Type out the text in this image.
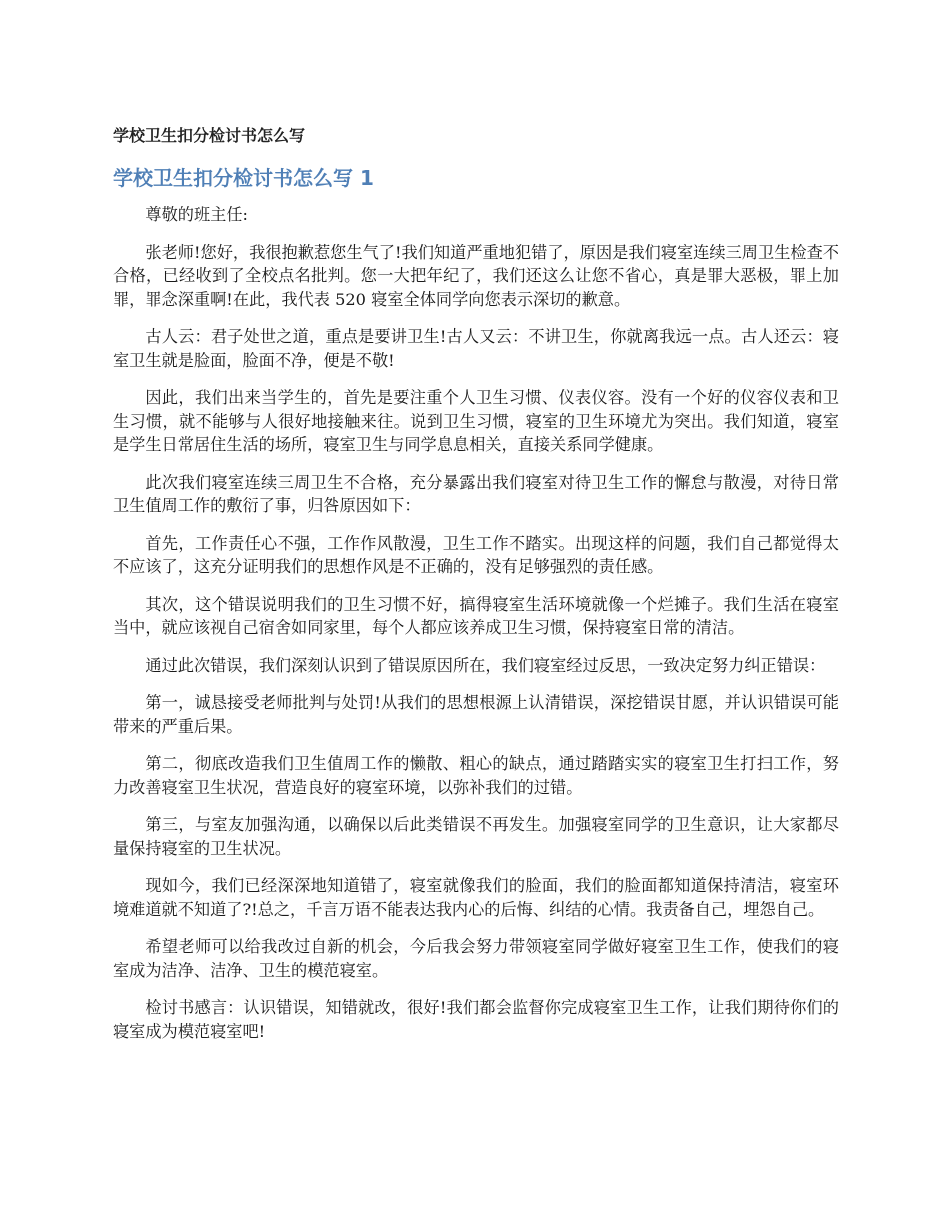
学校卫生扣分检讨书怎么写
学校卫生扣分检讨书怎么写 1

尊敬的班主任:

张老师!您好，我很抱歉惹您生气了!我们知道严重地犯错了，原因是我们寝室连续三周卫生检查不合格，已经收到了全校点名批判。您一大把年纪了，我们还这么让您不省心，真是罪大恶极，罪上加罪，罪念深重啊!在此，我代表 520 寝室全体同学向您表示深切的歉意。

古人云：君子处世之道，重点是要讲卫生!古人又云：不讲卫生，你就离我远一点。古人还云：寝室卫生就是脸面，脸面不净，便是不敬!

因此，我们出来当学生的，首先是要注重个人卫生习惯、仪表仪容。没有一个好的仪容仪表和卫生习惯，就不能够与人很好地接触来往。说到卫生习惯，寝室的卫生环境尤为突出。我们知道，寝室是学生日常居住生活的场所，寝室卫生与同学息息相关，直接关系同学健康。

此次我们寝室连续三周卫生不合格，充分暴露出我们寝室对待卫生工作的懈怠与散漫，对待日常卫生值周工作的敷衍了事，归咎原因如下：

首先，工作责任心不强，工作作风散漫，卫生工作不踏实。出现这样的问题，我们自己都觉得太不应该了，这充分证明我们的思想作风是不正确的，没有足够强烈的责任感。

其次，这个错误说明我们的卫生习惯不好，搞得寝室生活环境就像一个烂摊子。我们生活在寝室当中，就应该视自己宿舍如同家里，每个人都应该养成卫生习惯，保持寝室日常的清洁。

通过此次错误，我们深刻认识到了错误原因所在，我们寝室经过反思，一致决定努力纠正错误：

第一，诚恳接受老师批判与处罚!从我们的思想根源上认清错误，深挖错误甘愿，并认识错误可能带来的严重后果。

第二，彻底改造我们卫生值周工作的懒散、粗心的缺点，通过踏踏实实的寝室卫生打扫工作，努力改善寝室卫生状况，营造良好的寝室环境，以弥补我们的过错。

第三，与室友加强沟通，以确保以后此类错误不再发生。加强寝室同学的卫生意识，让大家都尽量保持寝室的卫生状况。

现如今，我们已经深深地知道错了，寝室就像我们的脸面，我们的脸面都知道保持清洁，寝室环境难道就不知道了?!总之，千言万语不能表达我内心的后悔、纠结的心情。我责备自己，埋怨自己。

希望老师可以给我改过自新的机会，今后我会努力带领寝室同学做好寝室卫生工作，使我们的寝室成为洁净、洁净、卫生的模范寝室。

检讨书感言：认识错误，知错就改，很好!我们都会监督你完成寝室卫生工作，让我们期待你们的寝室成为模范寝室吧!
